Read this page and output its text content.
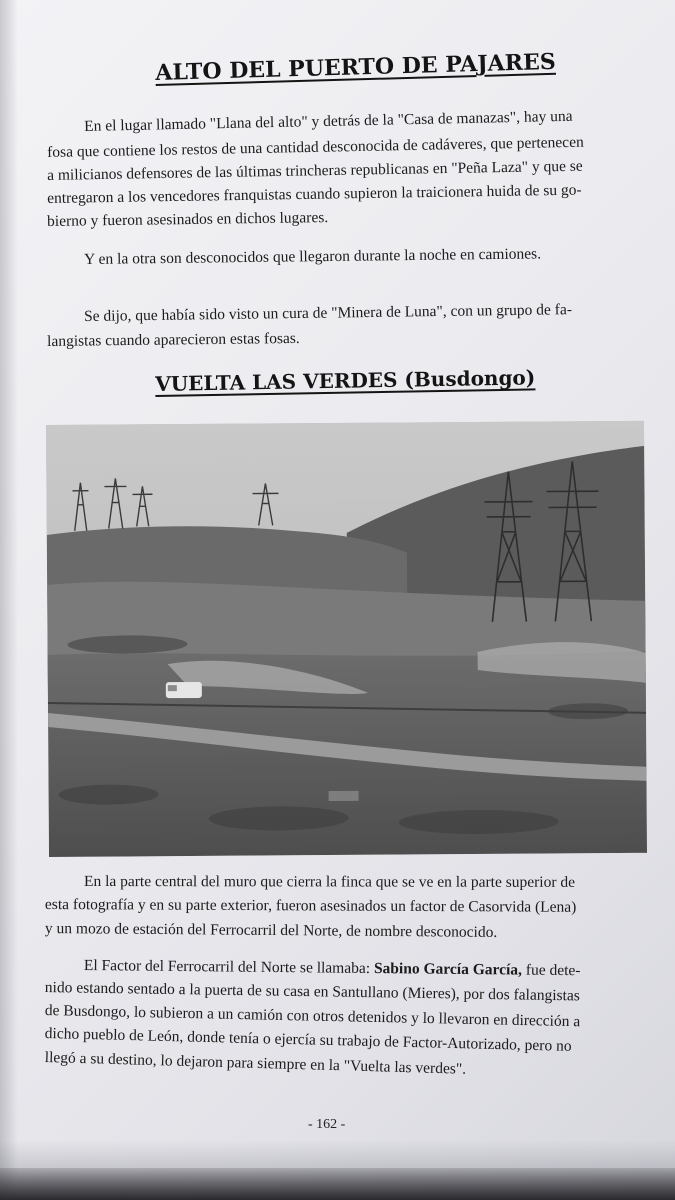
ALTO DEL PUERTO DE PAJARES
En el lugar llamado "Llana del alto" y detrás de la "Casa de manazas", hay una
fosa que contiene los restos de una cantidad desconocida de cadáveres, que pertenecen
a milicianos defensores de las últimas trincheras republicanas en "Peña Laza" y que se
entregaron a los vencedores franquistas cuando supieron la traicionera huida de su go-
bierno y fueron asesinados en dichos lugares.
Y en la otra son desconocidos que llegaron durante la noche en camiones.
Se dijo, que había sido visto un cura de "Minera de Luna", con un grupo de fa-
langistas cuando aparecieron estas fosas.
VUELTA LAS VERDES (Busdongo)
En la parte central del muro que cierra la finca que se ve en la parte superior de
esta fotografía y en su parte exterior, fueron asesinados un factor de Casorvida (Lena)
y un mozo de estación del Ferrocarril del Norte, de nombre desconocido.
El Factor del Ferrocarril del Norte se llamaba: Sabino García García, fue dete-
nido estando sentado a la puerta de su casa en Santullano (Mieres), por dos falangistas
de Busdongo, lo subieron a un camión con otros detenidos y lo llevaron en dirección a
dicho pueblo de León, donde tenía o ejercía su trabajo de Factor-Autorizado, pero no
llegó a su destino, lo dejaron para siempre en la "Vuelta las verdes".
- 162 -
